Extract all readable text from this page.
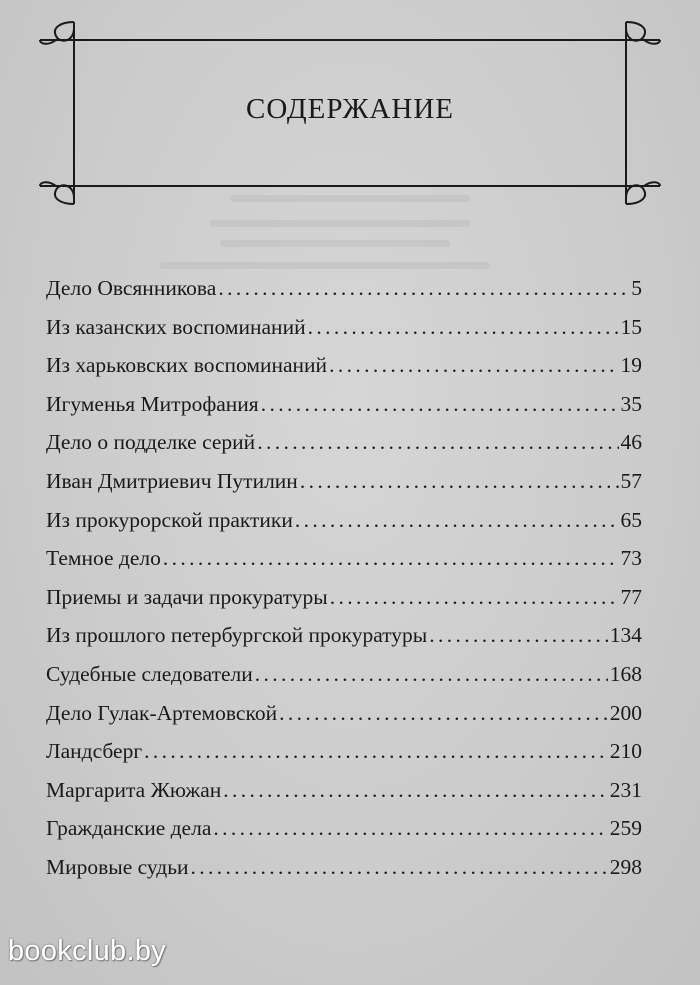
СОДЕРЖАНИЕ
Дело Овсянникова . . .	5
Из казанских воспоминаний . . .	15
Из харьковских воспоминаний . . .	19
Игуменья Митрофания . . .	35
Дело о подделке серий . . .	46
Иван Дмитриевич Путилин . . .	57
Из прокурорской практики . . .	65
Темное дело . . .	73
Приемы и задачи прокуратуры . . .	77
Из прошлого петербургской прокуратуры . . .	134
Судебные следователи . . .	168
Дело Гулак-Артемовской . . .	200
Ландсберг . . .	210
Маргарита Жюжан . . .	231
Гражданские дела . . .	259
Мировые судьи . . .	298
bookclub.by
